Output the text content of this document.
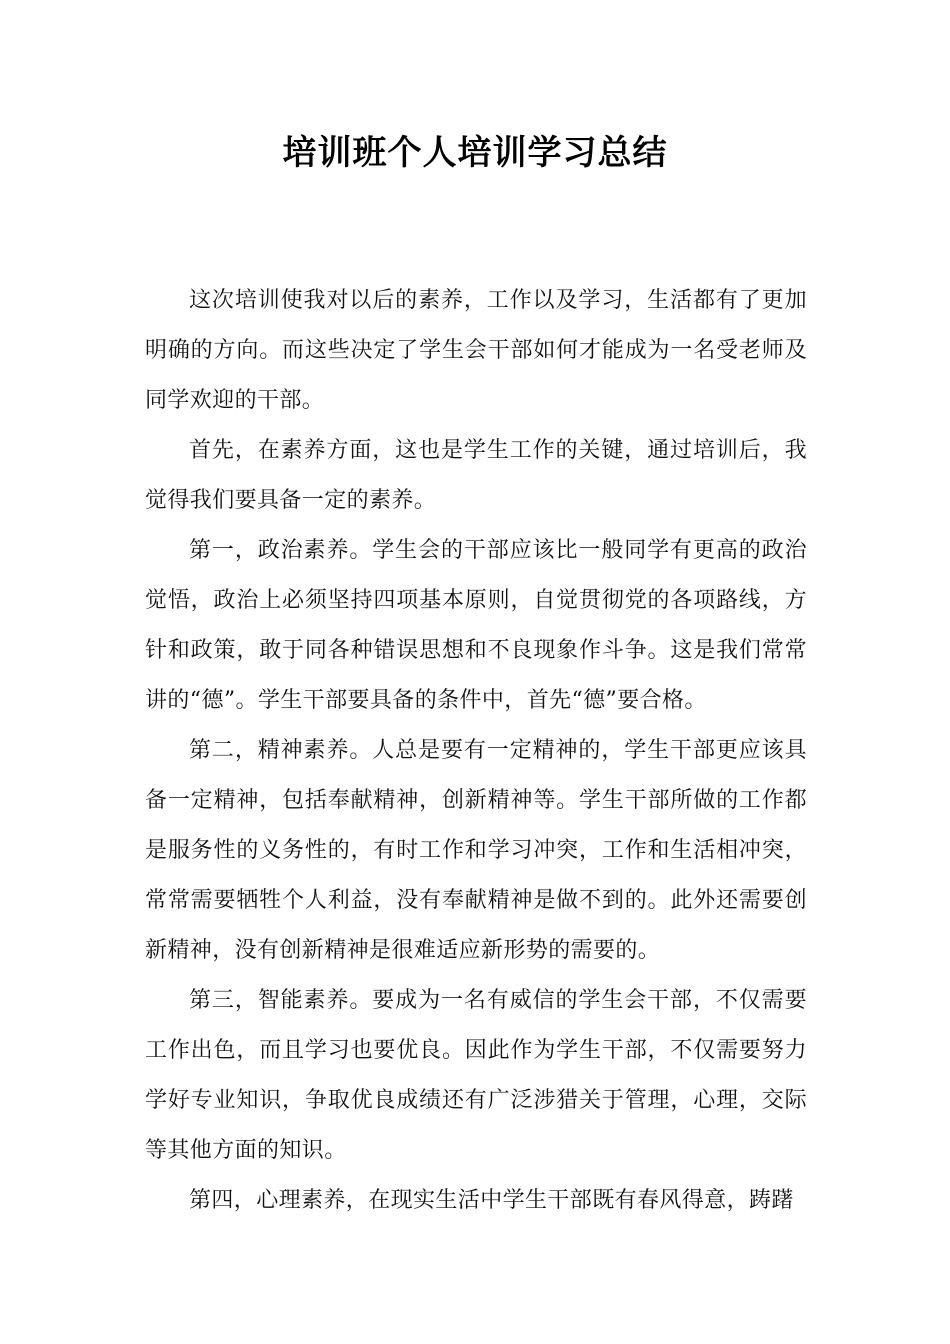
培训班个人培训学习总结

这次培训使我对以后的素养，工作以及学习，生活都有了更加明确的方向。而这些决定了学生会干部如何才能成为一名受老师及同学欢迎的干部。

首先，在素养方面，这也是学生工作的关键，通过培训后，我觉得我们要具备一定的素养。

第一，政治素养。学生会的干部应该比一般同学有更高的政治觉悟，政治上必须坚持四项基本原则，自觉贯彻党的各项路线，方针和政策，敢于同各种错误思想和不良现象作斗争。这是我们常常讲的“德”。学生干部要具备的条件中，首先“德”要合格。

第二，精神素养。人总是要有一定精神的，学生干部更应该具备一定精神，包括奉献精神，创新精神等。学生干部所做的工作都是服务性的义务性的，有时工作和学习冲突，工作和生活相冲突，常常需要牺牲个人利益，没有奉献精神是做不到的。此外还需要创新精神，没有创新精神是很难适应新形势的需要的。

第三，智能素养。要成为一名有威信的学生会干部，不仅需要工作出色，而且学习也要优良。因此作为学生干部，不仅需要努力学好专业知识，争取优良成绩还有广泛涉猎关于管理，心理，交际等其他方面的知识。

第四，心理素养，在现实生活中学生干部既有春风得意，踌躇
